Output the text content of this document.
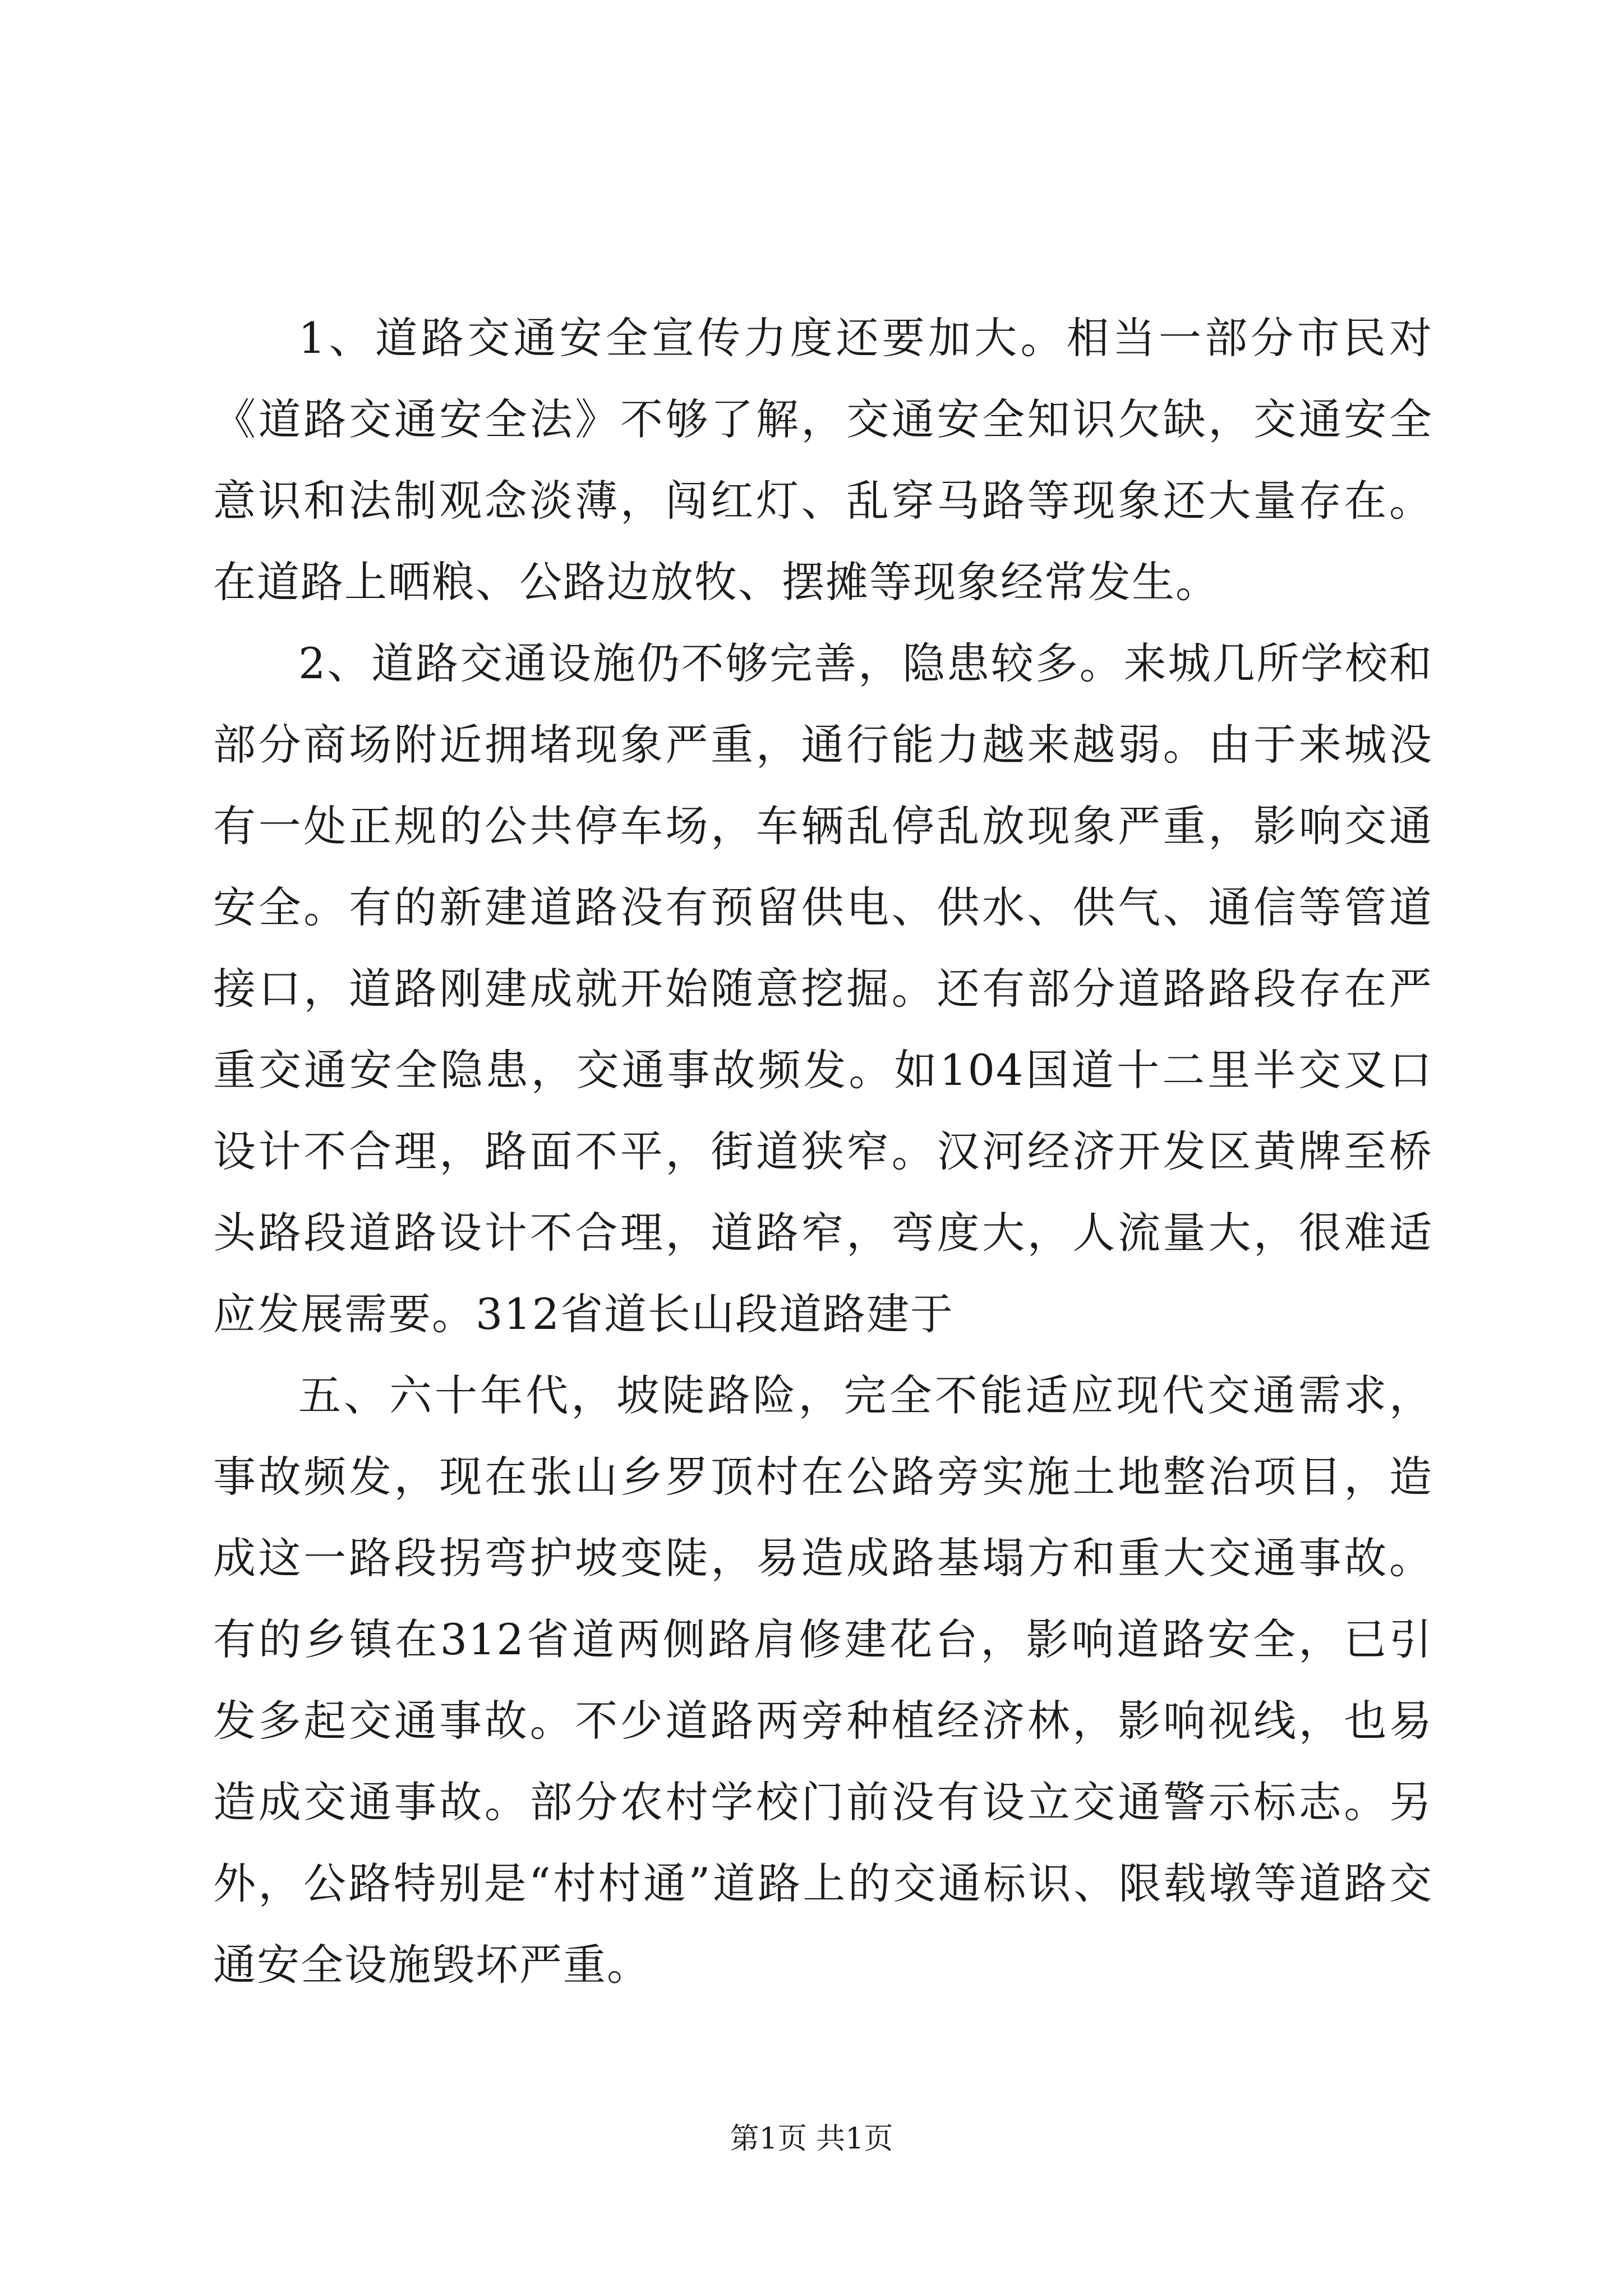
1、道路交通安全宣传力度还要加大。相当一部分市民对《道路交通安全法》不够了解，交通安全知识欠缺，交通安全意识和法制观念淡薄，闯红灯、乱穿马路等现象还大量存在。在道路上晒粮、公路边放牧、摆摊等现象经常发生。

2、道路交通设施仍不够完善，隐患较多。来城几所学校和部分商场附近拥堵现象严重，通行能力越来越弱。由于来城没有一处正规的公共停车场，车辆乱停乱放现象严重，影响交通安全。有的新建道路没有预留供电、供水、供气、通信等管道接口，道路刚建成就开始随意挖掘。还有部分道路路段存在严重交通安全隐患，交通事故频发。如104国道十二里半交叉口设计不合理，路面不平，街道狭窄。汉河经济开发区黄牌至桥头路段道路设计不合理，道路窄，弯度大，人流量大，很难适应发展需要。312省道长山段道路建于

五、六十年代，坡陡路险，完全不能适应现代交通需求，事故频发，现在张山乡罗顶村在公路旁实施土地整治项目，造成这一路段拐弯护坡变陡，易造成路基塌方和重大交通事故。有的乡镇在312省道两侧路肩修建花台，影响道路安全，已引发多起交通事故。不少道路两旁种植经济林，影响视线，也易造成交通事故。部分农村学校门前没有设立交通警示标志。另外，公路特别是“村村通”道路上的交通标识、限载墩等道路交通安全设施毁坏严重。

第1页 共1页
